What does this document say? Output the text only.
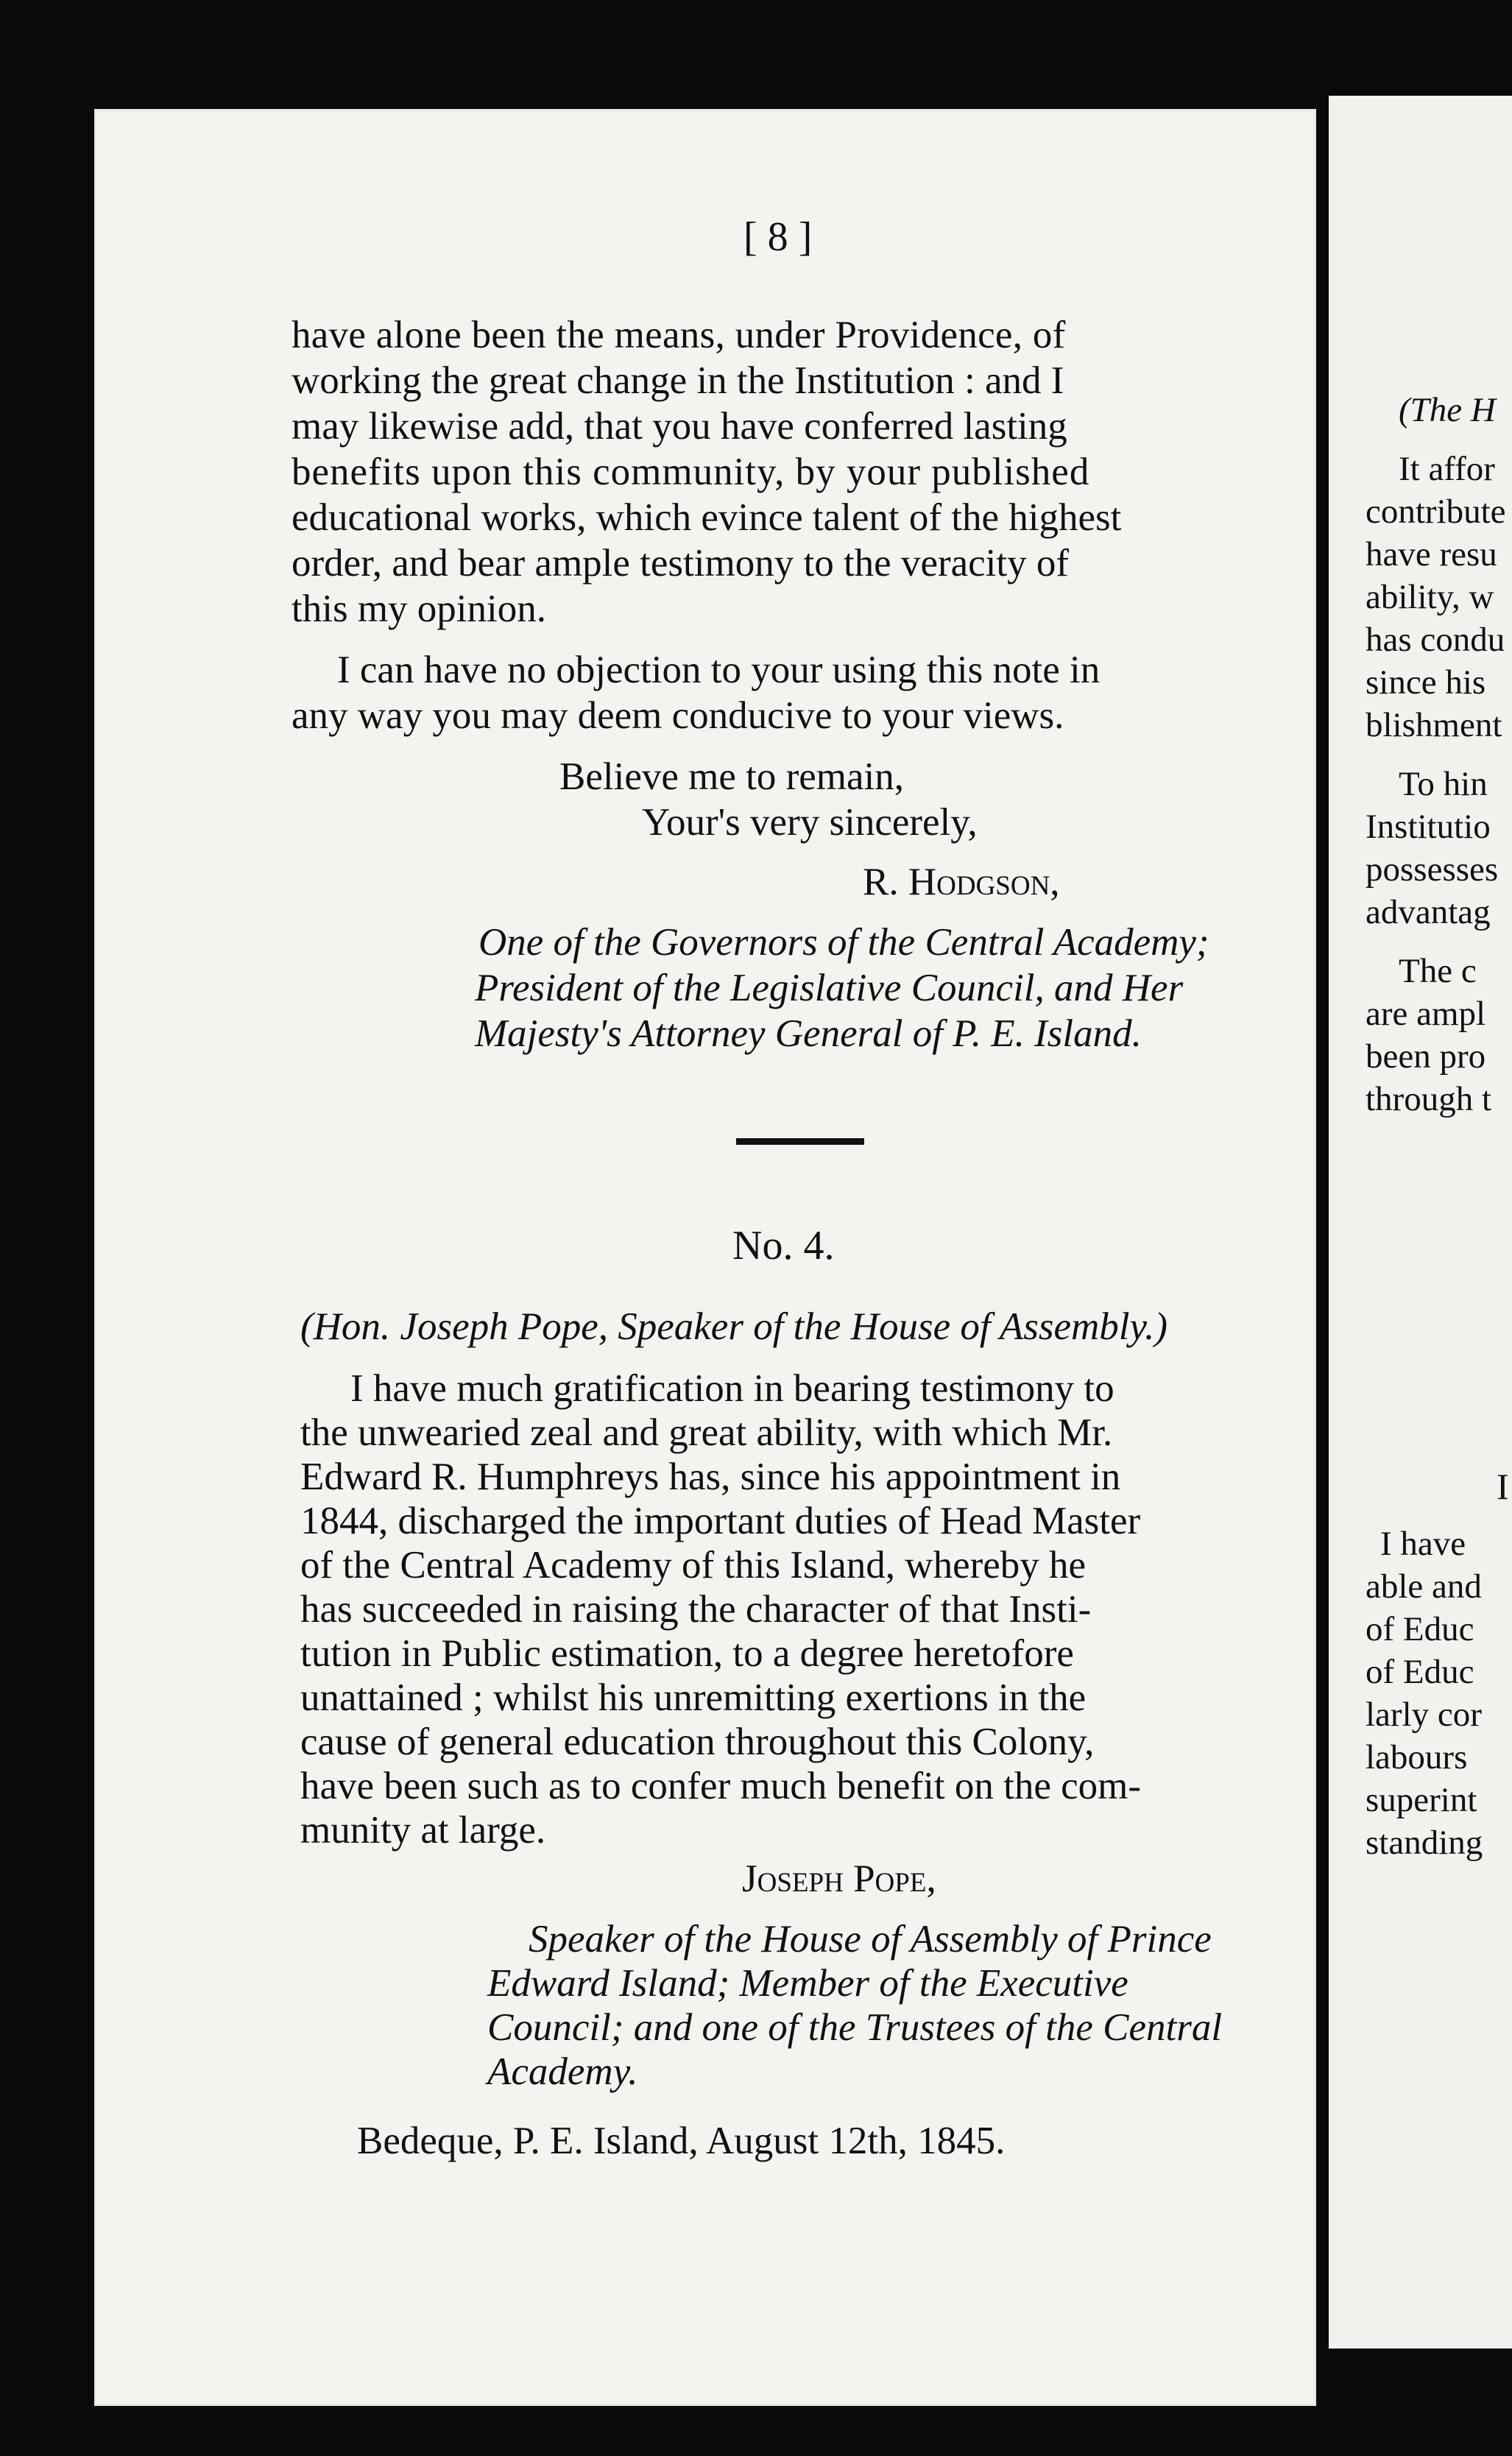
[ 8 ]

have alone been the means, under Providence, of

working the great change in the Institution : and I

may likewise add, that you have conferred lasting

benefits upon this community, by your published

educational works, which evince talent of the highest

order, and bear ample testimony to the veracity of

this my opinion.

I can have no objection to your using this note in

any way you may deem conducive to your views.

Believe me to remain,

Your's very sincerely,

R. Hodgson,

One of the Governors of the Central Academy;

President of the Legislative Council, and Her

Majesty's Attorney General of P. E. Island.

No. 4.

(Hon. Joseph Pope, Speaker of the House of Assembly.)

I have much gratification in bearing testimony to

the unwearied zeal and great ability, with which Mr.

Edward R. Humphreys has, since his appointment in

1844, discharged the important duties of Head Master

of the Central Academy of this Island, whereby he

has succeeded in raising the character of that Insti-

tution in Public estimation, to a degree heretofore

unattained ; whilst his unremitting exertions in the

cause of general education throughout this Colony,

have been such as to confer much benefit on the com-

munity at large.

Joseph Pope,

Speaker of the House of Assembly of Prince

Edward Island; Member of the Executive

Council; and one of the Trustees of the Central

Academy.

Bedeque, P. E. Island, August 12th, 1845.

(The H

It affor

contribute

have resu

ability, w

has condu

since his

blishment

To hin

Institutio

possesses

advantag

The c

are ampl

been pro

through t

I

I have

able and

of Educ

of Educ

larly cor

labours

superint

standing
